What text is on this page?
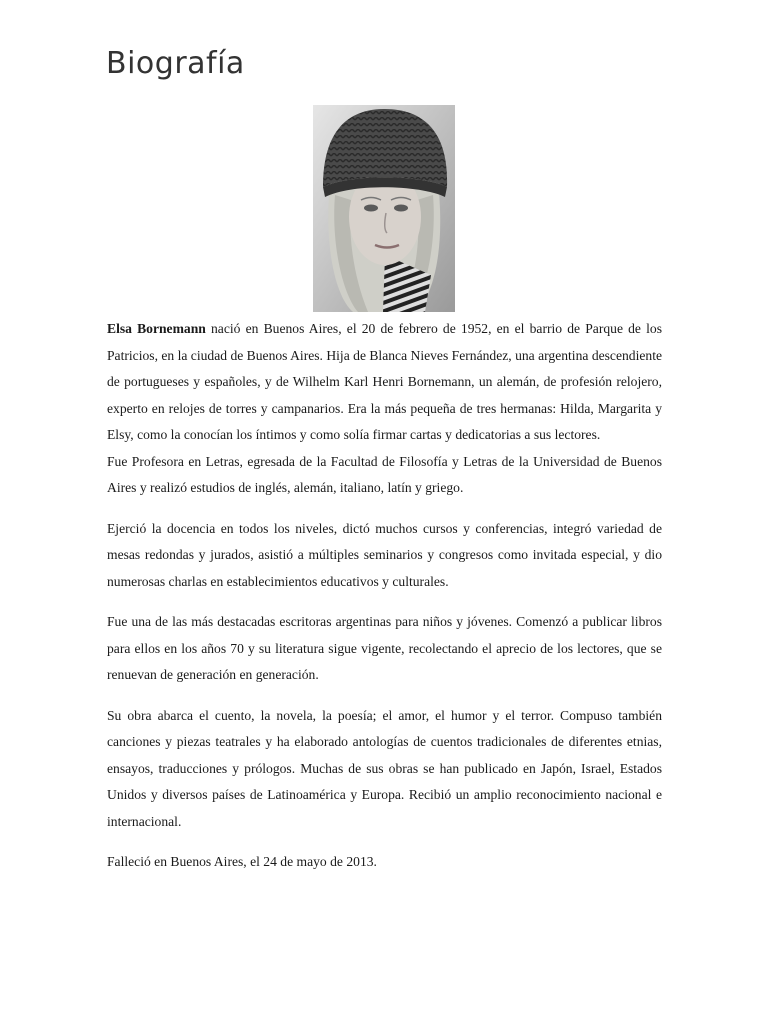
Biografía

Elsa Bornemann nació en Buenos Aires, el 20 de febrero de 1952, en el barrio de Parque de los Patricios, en la ciudad de Buenos Aires. Hija de Blanca Nieves Fernández, una argentina descendiente de portugueses y españoles, y de Wilhelm Karl Henri Bornemann, un alemán, de profesión relojero, experto en relojes de torres y campanarios. Era la más pequeña de tres hermanas: Hilda, Margarita y Elsy, como la conocían los íntimos y como solía firmar cartas y dedicatorias a sus lectores.

Fue Profesora en Letras, egresada de la Facultad de Filosofía y Letras de la Universidad de Buenos Aires y realizó estudios de inglés, alemán, italiano, latín y griego.

Ejerció la docencia en todos los niveles, dictó muchos cursos y conferencias, integró variedad de mesas redondas y jurados, asistió a múltiples seminarios y congresos como invitada especial, y dio numerosas charlas en establecimientos educativos y culturales.

Fue una de las más destacadas escritoras argentinas para niños y jóvenes. Comenzó a publicar libros para ellos en los años 70 y su literatura sigue vigente, recolectando el aprecio de los lectores, que se renuevan de generación en generación.

Su obra abarca el cuento, la novela, la poesía; el amor, el humor y el terror. Compuso también canciones y piezas teatrales y ha elaborado antologías de cuentos tradicionales de diferentes etnias, ensayos, traducciones y prólogos. Muchas de sus obras se han publicado en Japón, Israel, Estados Unidos y diversos países de Latinoamérica y Europa. Recibió un amplio reconocimiento nacional e internacional.

Falleció en Buenos Aires, el 24 de mayo de 2013.
